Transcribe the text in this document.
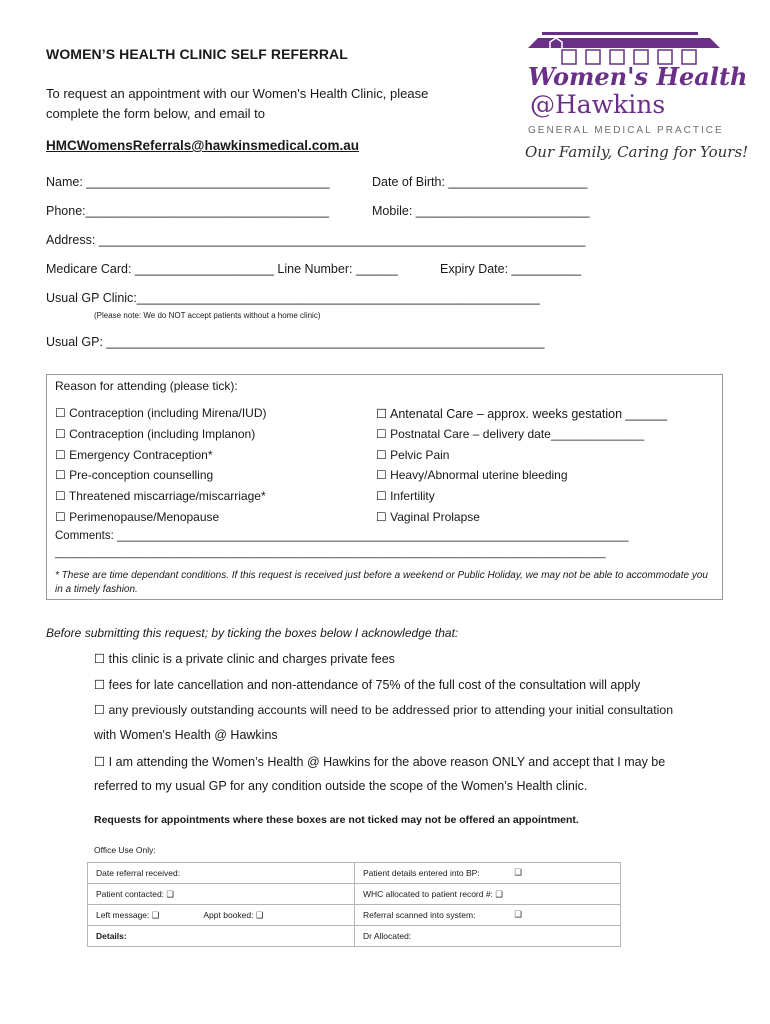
WOMEN’S HEALTH CLINIC SELF REFERRAL
To request an appointment with our Women's Health Clinic, please complete the form below, and email to
HMCWomensReferrals@hawkinsmedical.com.au
Women's Health
@Hawkins
GENERAL MEDICAL PRACTICE
Our Family, Caring for Yours!
Name: ___________________________________	Date of Birth: ____________________
Phone:___________________________________	Mobile: _________________________
Address: ______________________________________________________________________
Medicare Card: ____________________ Line Number: ______	Expiry Date: __________
Usual GP Clinic:__________________________________________________________
(Please note: We do NOT accept patients without a home clinic)
Usual GP: _______________________________________________________________
Reason for attending (please tick):
☐ Contraception (including Mirena/IUD)
☐ Contraception (including Implanon)
☐ Emergency Contraception*
☐ Pre-conception counselling
☐ Threatened miscarriage/miscarriage*
☐ Perimenopause/Menopause
☐ Antenatal Care – approx. weeks gestation ______
☐ Postnatal Care – delivery date______________
☐ Pelvic Pain
☐ Heavy/Abnormal uterine bleeding
☐ Infertility
☐ Vaginal Prolapse
Comments: ________________________________________________________________________________
__________________________________________________________________________________________
* These are time dependant conditions. If this request is received just before a weekend or Public Holiday, we may not be able to accommodate you in a timely fashion.
Before submitting this request; by ticking the boxes below I acknowledge that:
☐ this clinic is a private clinic and charges private fees
☐ fees for late cancellation and non-attendance of 75% of the full cost of the consultation will apply
☐ any previously outstanding accounts will need to be addressed prior to attending your initial consultation
with Women's Health @ Hawkins
☐ I am attending the Women’s Health @ Hawkins for the above reason ONLY and accept that I may be
referred to my usual GP for any condition outside the scope of the Women’s Health clinic.
Requests for appointments where these boxes are not ticked may not be offered an appointment.
Office Use Only:
Date referral received:	Patient details entered into BP: ❑

Patient contacted: ❑	WHC allocated to patient record #: ❑
Left message: ❑ Appt booked: ❑	Referral scanned into system: ❑

Details:	Dr Allocated:
